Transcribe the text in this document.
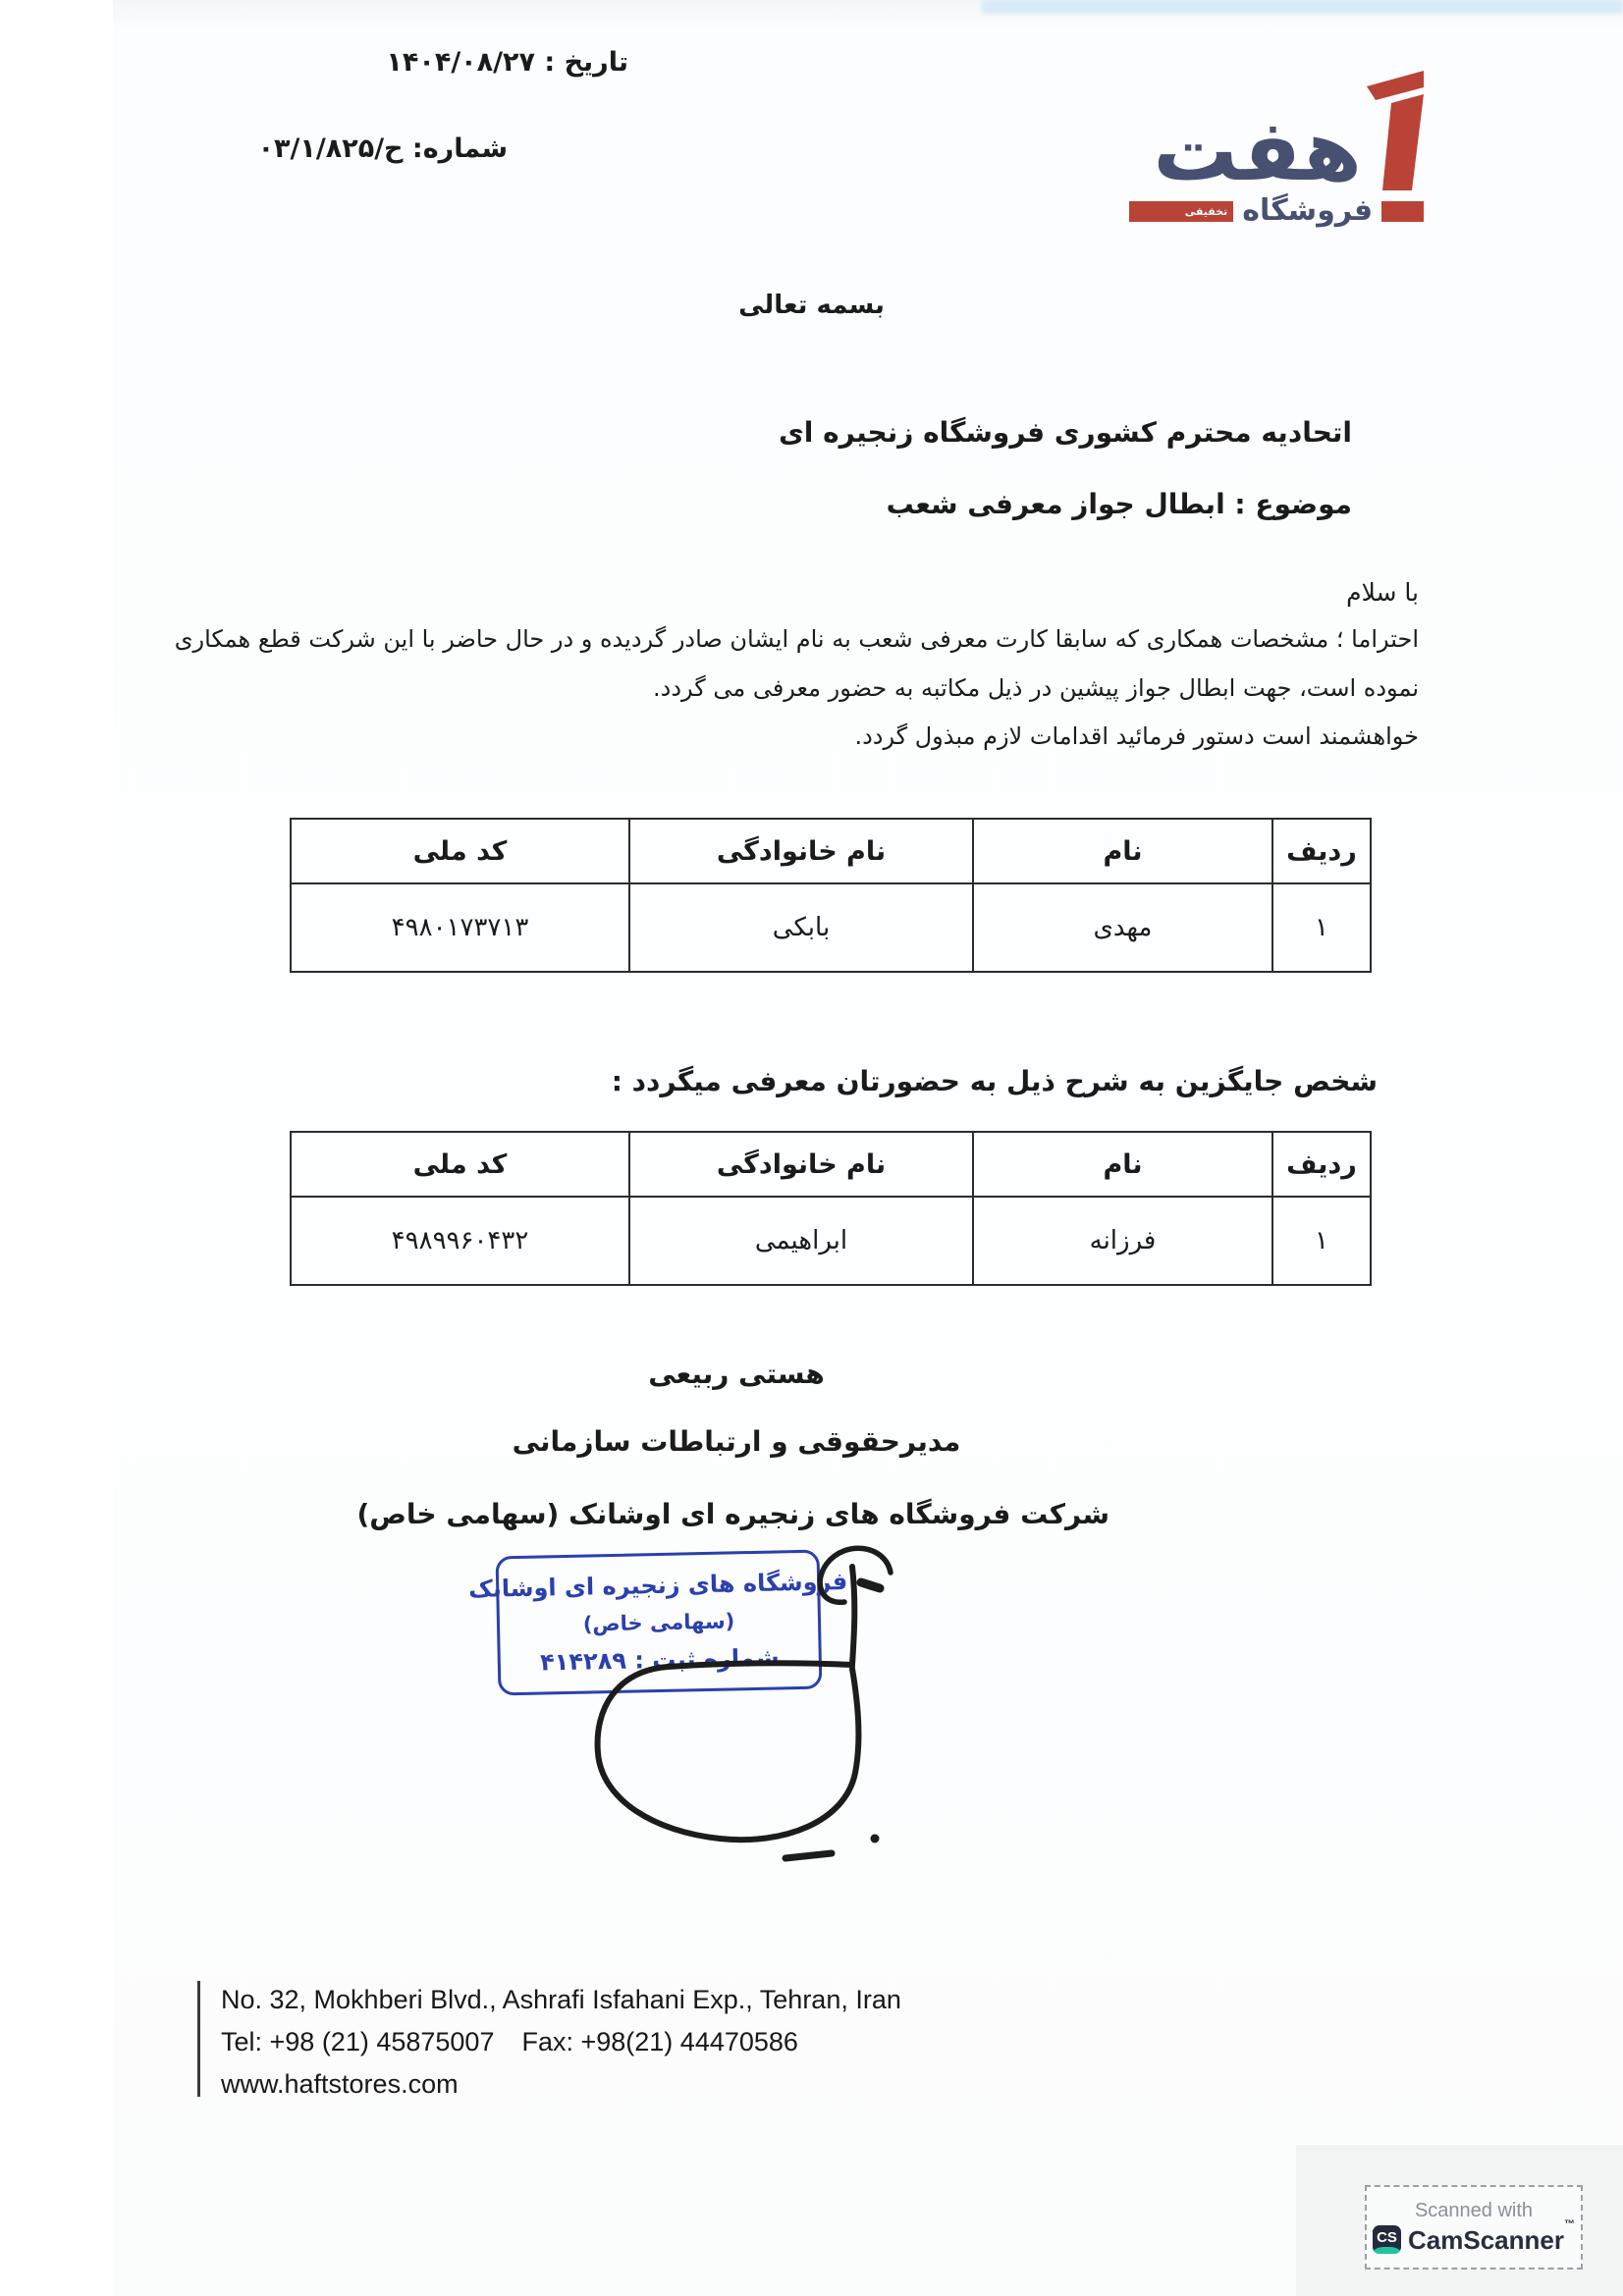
تاریخ : ۱۴۰۴/۰۸/۲۷
شماره: ۰۳/۱/ح/۸۲۵	هفت
تخفیفی فروشگاه
بسمه تعالی
اتحادیه محترم کشوری فروشگاه زنجیره ای
موضوع : ابطال جواز معرفی شعب
با سلام
احتراما ؛ مشخصات همکاری که سابقا کارت معرفی شعب به نام ایشان صادر گردیده و در حال حاضر با این شرکت قطع همکاری
نموده است، جهت ابطال جواز پیشین در ذیل مکاتبه به حضور معرفی می گردد.
خواهشمند است دستور فرمائید اقدامات لازم مبذول گردد.
ردیف	نام	نام خانوادگی	کد ملی
۱	مهدی	بابکی	۴۹۸۰۱۷۳۷۱۳
شخص جایگزین به شرح ذیل به حضورتان معرفی میگردد :
ردیف	نام	نام خانوادگی	کد ملی
۱	فرزانه	ابراهیمی	۴۹۸۹۹۶۰۴۳۲
هستی ربیعی
مدیرحقوقی و ارتباطات سازمانی
شرکت فروشگاه های زنجیره ای اوشانک (سهامی خاص)
فروشگاه های زنجیره ای اوشانک
(سهامی خاص)
شماره ثبت : ۴۱۴۲۸۹
No. 32, Mokhberi Blvd., Ashrafi Isfahani Exp., Tehran, Iran
Tel: +98 (21) 45875007 Fax: +98(21) 44470586
www.haftstores.com
Scanned with
CS CamScanner™
